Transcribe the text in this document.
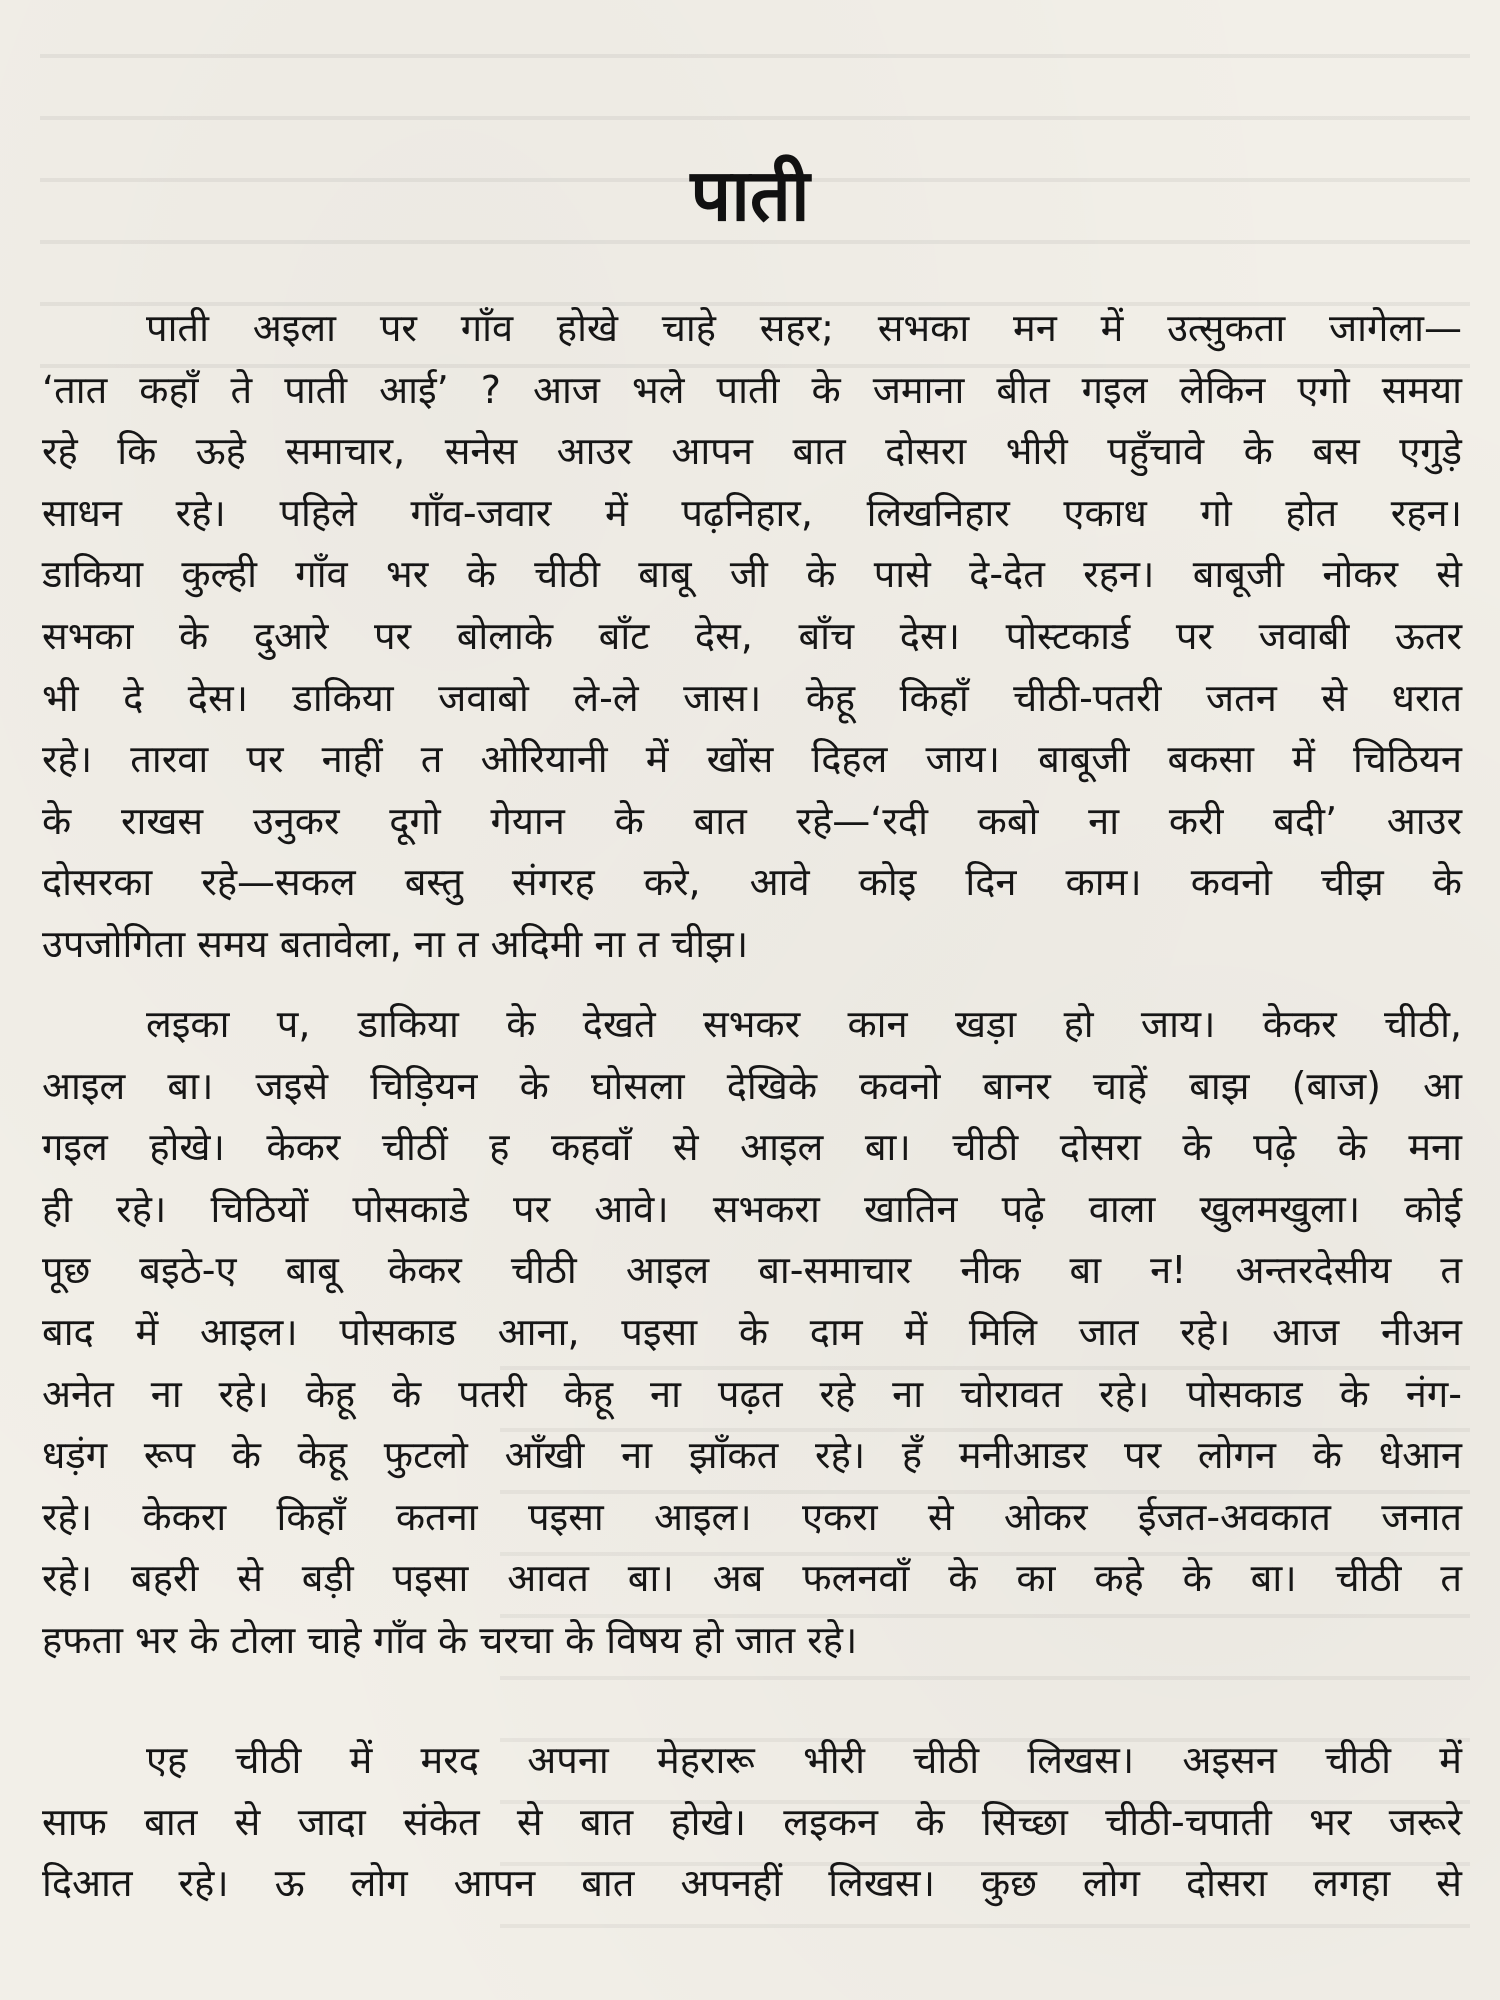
पाती

पाती अइला पर गाँव होखे चाहे सहर; सभका मन में उत्सुकता जागेला—
‘तात कहाँ ते पाती आई’ ? आज भले पाती के जमाना बीत गइल लेकिन एगो समया
रहे कि ऊहे समाचार, सनेस आउर आपन बात दोसरा भीरी पहुँचावे के बस एगुड़े
साधन रहे। पहिले गाँव-जवार में पढ़निहार, लिखनिहार एकाध गो होत रहन।
डाकिया कुल्ही गाँव भर के चीठी बाबू जी के पासे दे-देत रहन। बाबूजी नोकर से
सभका के दुआरे पर बोलाके बाँट देस, बाँच देस। पोस्टकार्ड पर जवाबी ऊतर
भी दे देस। डाकिया जवाबो ले-ले जास। केहू किहाँ चीठी-पतरी जतन से धरात
रहे। तारवा पर नाहीं त ओरियानी में खोंस दिहल जाय। बाबूजी बकसा में चिठियन
के राखस उनुकर दूगो गेयान के बात रहे—‘रदी कबो ना करी बदी’ आउर
दोसरका रहे—सकल बस्तु संगरह करे, आवे कोइ दिन काम। कवनो चीझ के
उपजोगिता समय बतावेला, ना त अदिमी ना त चीझ।

लइका प, डाकिया के देखते सभकर कान खड़ा हो जाय। केकर चीठी,
आइल बा। जइसे चिड़ियन के घोसला देखिके कवनो बानर चाहें बाझ (बाज) आ
गइल होखे। केकर चीठीं ह कहवाँ से आइल बा। चीठी दोसरा के पढ़े के मना
ही रहे। चिठियों पोसकाडे पर आवे। सभकरा खातिन पढ़े वाला खुलमखुला। कोई
पूछ बइठे-ए बाबू केकर चीठी आइल बा-समाचार नीक बा न! अन्तरदेसीय त
बाद में आइल। पोसकाड आना, पइसा के दाम में मिलि जात रहे। आज नीअन
अनेत ना रहे। केहू के पतरी केहू ना पढ़त रहे ना चोरावत रहे। पोसकाड के नंग-
धड़ंग रूप के केहू फुटलो आँखी ना झाँकत रहे। हँ मनीआडर पर लोगन के धेआन
रहे। केकरा किहाँ कतना पइसा आइल। एकरा से ओकर ईजत-अवकात जनात
रहे। बहरी से बड़ी पइसा आवत बा। अब फलनवाँ के का कहे के बा। चीठी त
हफता भर के टोला चाहे गाँव के चरचा के विषय हो जात रहे।

एह चीठी में मरद अपना मेहरारू भीरी चीठी लिखस। अइसन चीठी में
साफ बात से जादा संकेत से बात होखे। लइकन के सिच्छा चीठी-चपाती भर जरूरे
दिआत रहे। ऊ लोग आपन बात अपनहीं लिखस। कुछ लोग दोसरा लगहा से
